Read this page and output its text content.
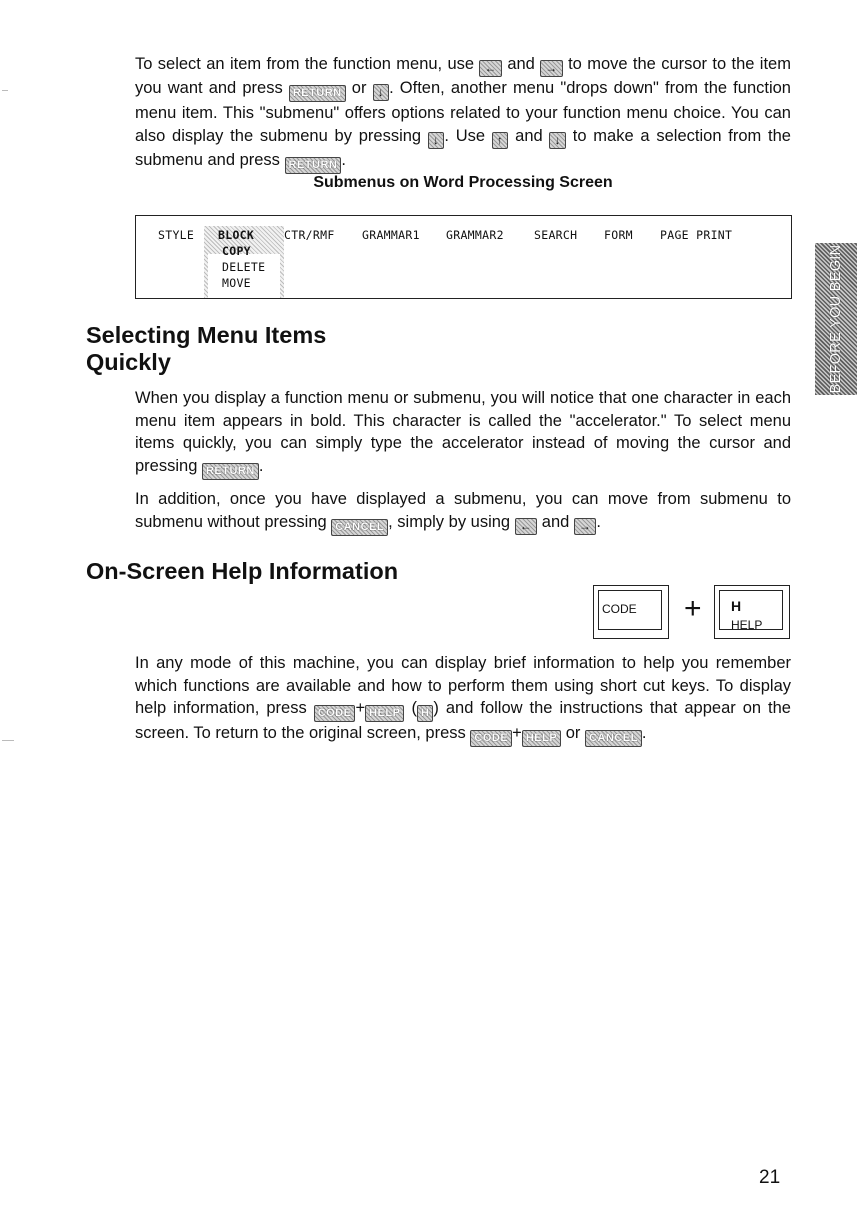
To select an item from the function menu, use ← and → to move the cursor to the item you want and press RETURN or ↓ . Often, another menu "drops down" from the function menu item. This "submenu" offers options related to your function menu choice. You can also display the submenu by pressing ↓ . Use ↑ and ↓ to make a selection from the submenu and press RETURN .

Submenus on Word Processing Screen
STYLE BLOCK	CTR/RMF GRAMMAR1 GRAMMAR2	SEARCH FORM PAGE PRINT
COPY
DELETE
MOVE	BEFORE YOU BEGIN
Selecting Menu Items Quickly

When you display a function menu or submenu, you will notice that one character in each menu item appears in bold. This character is called the "accelerator." To select menu items quickly, you can simply type the accelerator instead of moving the cursor and pressing RETURN .

In addition, once you have displayed a submenu, you can move from submenu to submenu without pressing CANCEL , simply by using ← and → .

On-Screen Help Information
CODE + H
HELP

In any mode of this machine, you can display brief information to help you remember which functions are available and how to perform them using short cut keys. To display help information, press CODE + HELP ( H ) and follow the instructions that appear on the screen. To return to the original screen, press CODE + HELP or CANCEL .

21
